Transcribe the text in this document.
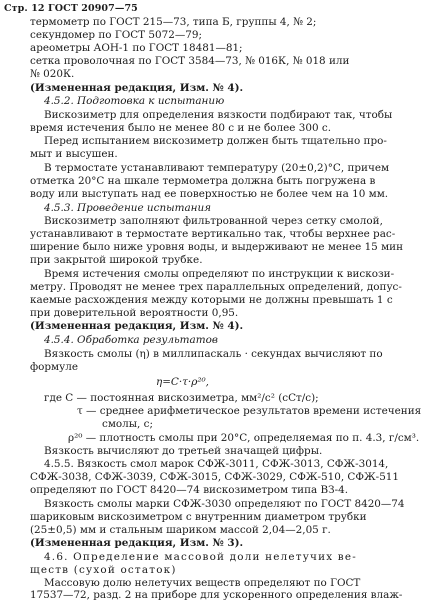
Стр. 12 ГОСТ 20907—75
термометр по ГОСТ 215—73, типа Б, группы 4, № 2;
секундомер по ГОСТ 5072—79;
ареометры АОН-1 по ГОСТ 18481—81;
сетка проволочная по ГОСТ 3584—73, № 016К, № 018 или
№ 020К.
(Измененная редакция, Изм. № 4).
4.5.2. Подготовка к испытанию
Вискозиметр для определения вязкости подбирают так, чтобы
время истечения было не менее 80 с и не более 300 с.
Перед испытанием вискозиметр должен быть тщательно про-
мыт и высушен.
В термостате устанавливают температуру (20±0,2)°С, причем
отметка 20°С на шкале термометра должна быть погружена в
воду или выступать над ее поверхностью не более чем на 10 мм.
4.5.3. Проведение испытания
Вискозиметр заполняют фильтрованной через сетку смолой,
устанавливают в термостате вертикально так, чтобы верхнее рас-
ширение было ниже уровня воды, и выдерживают не менее 15 мин
при закрытой широкой трубке.
Время истечения смолы определяют по инструкции к вискози-
метру. Проводят не менее трех параллельных определений, допус-
каемые расхождения между которыми не должны превышать 1 с
при доверительной вероятности 0,95.
(Измененная редакция, Изм. № 4).
4.5.4. Обработка результатов
Вязкость смолы (η) в миллипаскаль · секундах вычисляют по
формуле
η=C·τ·ρ²⁰,
где С — постоянная вискозиметра, мм²/с² (сСт/с);
τ — среднее арифметическое результатов времени истечения
смолы, с;
ρ²⁰ — плотность смолы при 20°С, определяемая по п. 4.3, г/см³.
Вязкость вычисляют до третьей значащей цифры.
4.5.5. Вязкость смол марок СФЖ-3011, СФЖ-3013, СФЖ-3014,
СФЖ-3038, СФЖ-3039, СФЖ-3015, СФЖ-3029, СФЖ-510, СФЖ-511
определяют по ГОСТ 8420—74 вискозиметром типа ВЗ-4.
Вязкость смолы марки СФЖ-3030 определяют по ГОСТ 8420—74
шариковым вискозиметром с внутренним диаметром трубки
(25±0,5) мм и стальным шариком массой 2,04—2,05 г.
(Измененная редакция, Изм. № 3).
4.6. Определение массовой доли нелетучих ве-
ществ (сухой остаток)
Массовую долю нелетучих веществ определяют по ГОСТ
17537—72, разд. 2 на приборе для ускоренного определения влаж-
